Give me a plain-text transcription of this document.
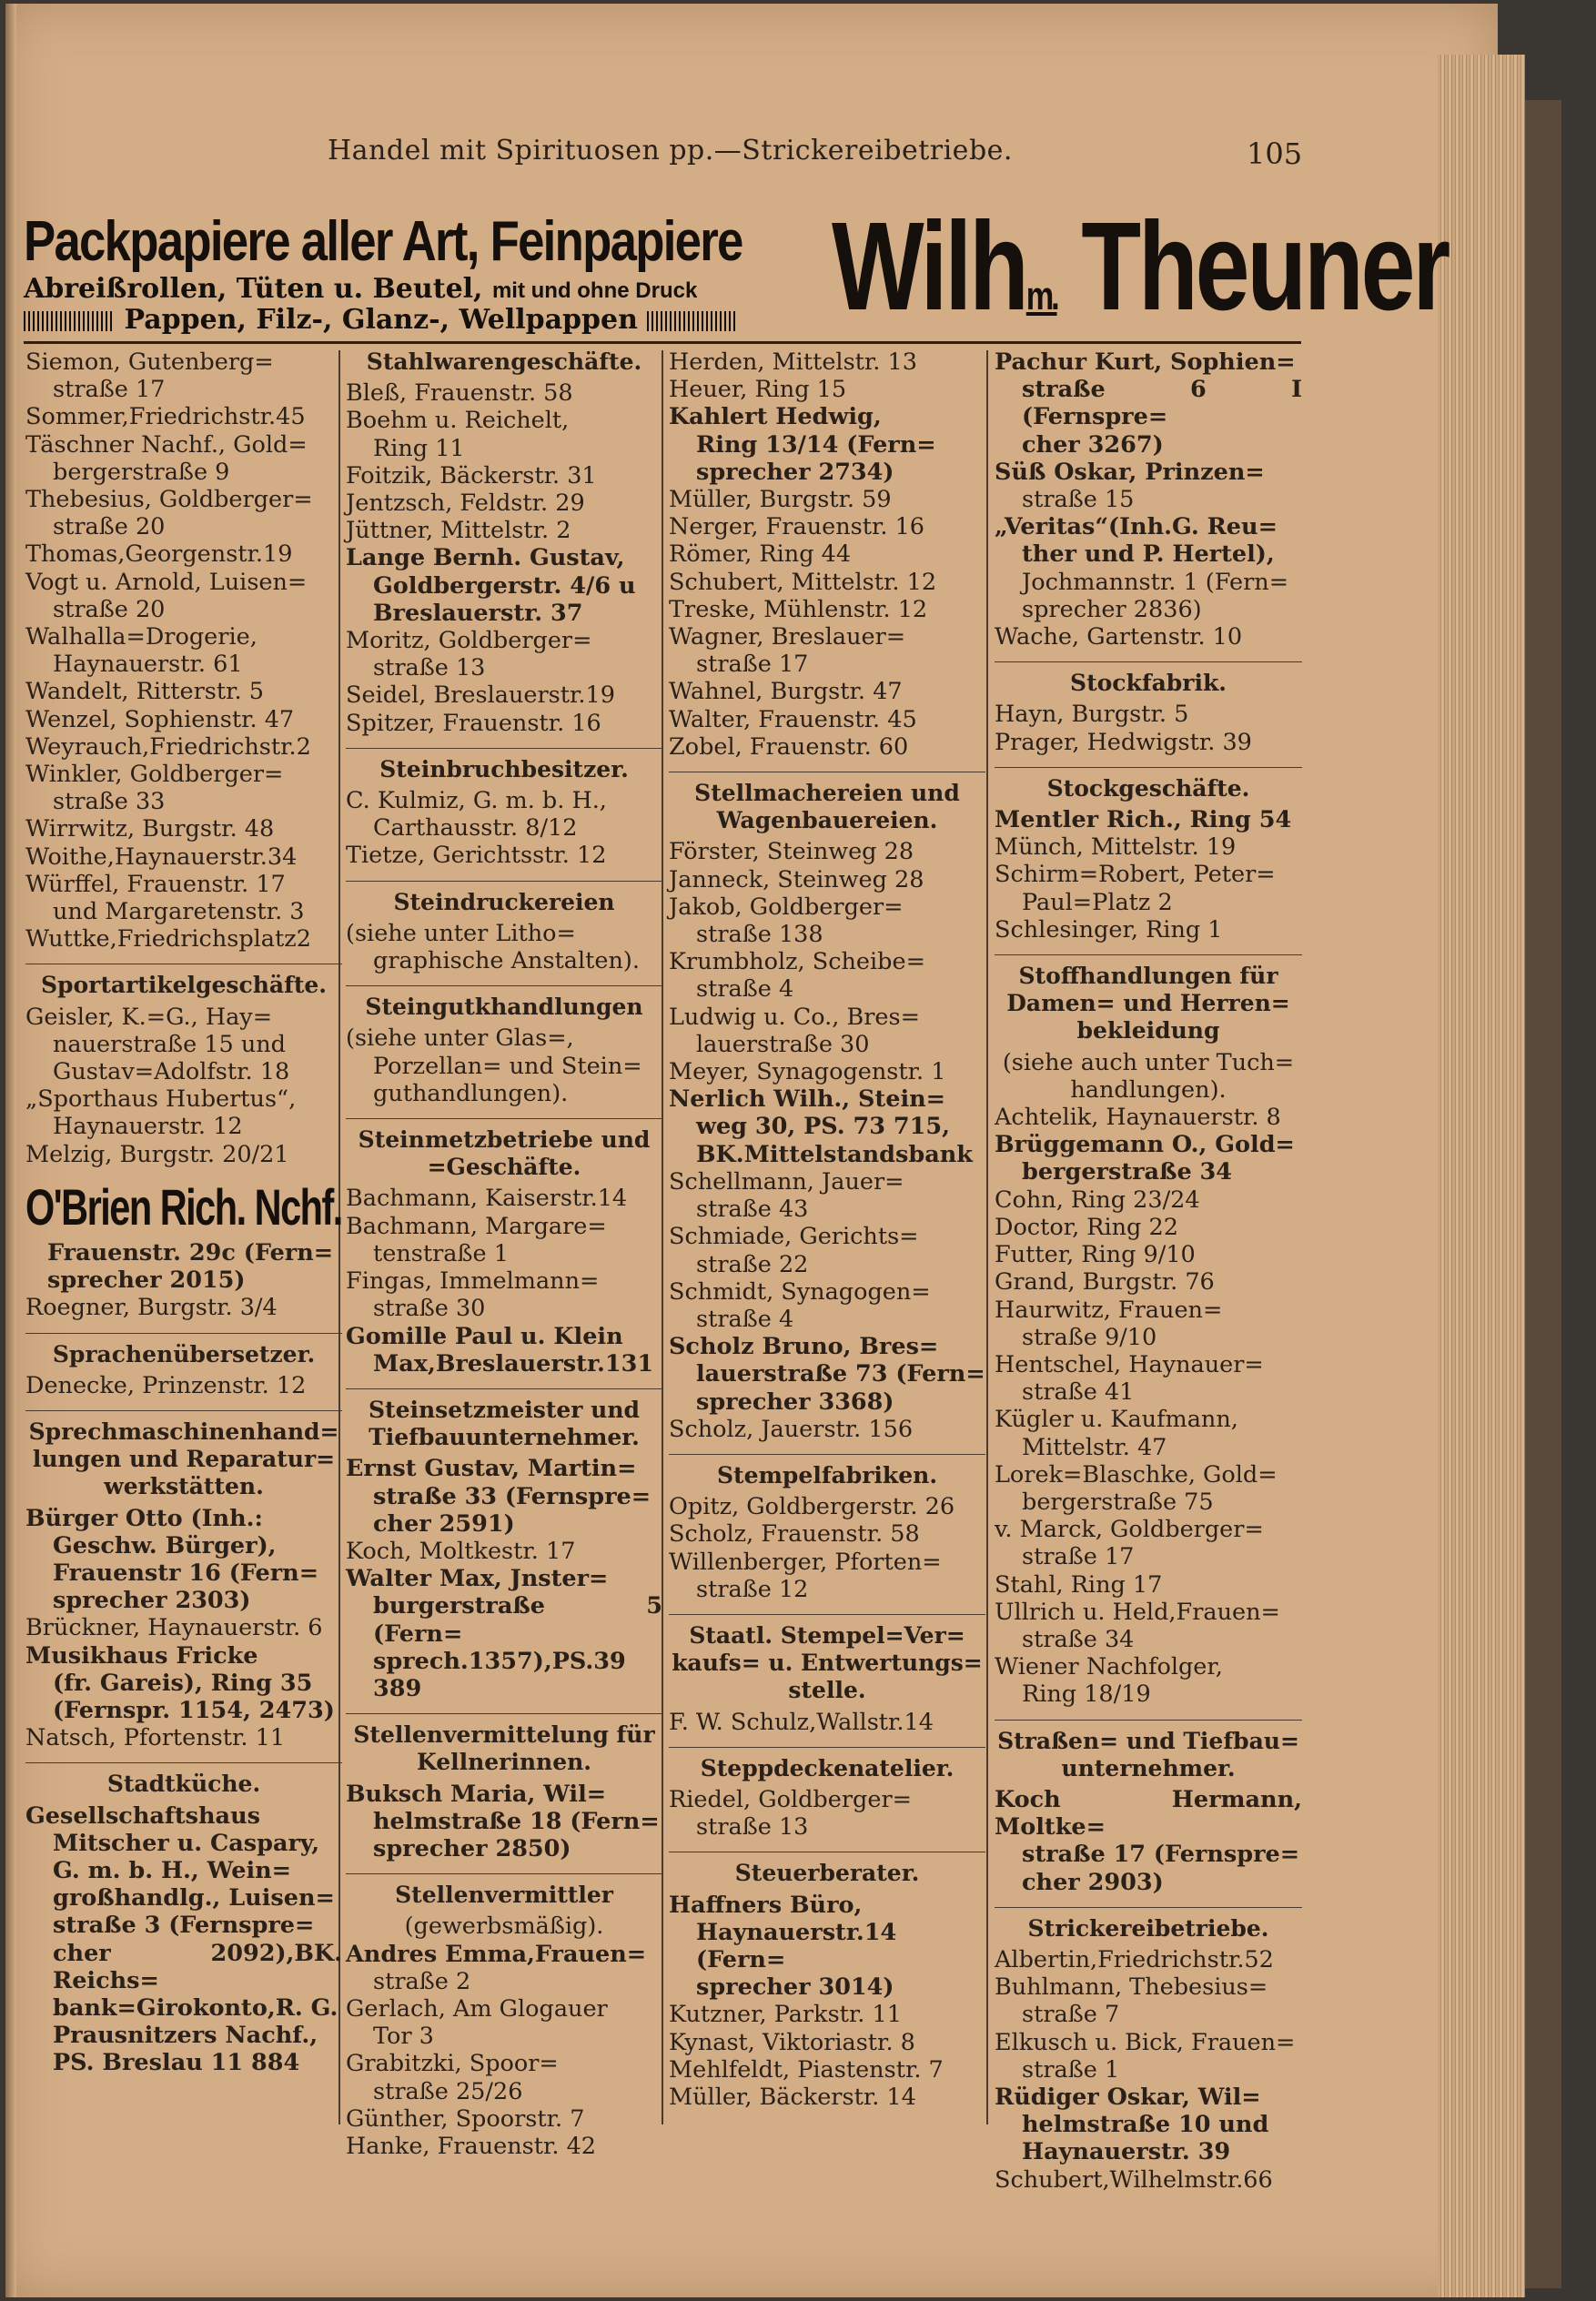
Handel mit Spirituosen pp.—Strickereibetriebe.	105
Packpapiere aller Art, Feinpapiere
Abreißrollen, Tüten u. Beutel, mit und ohne Druck
Pappen, Filz-, Glanz-, Wellpappen	Wilhm. Theuner
Siemon, Gutenberg=
straße 17
Sommer,Friedrichstr.45
Täschner Nachf., Gold=
bergerstraße 9
Thebesius, Goldberger=
straße 20
Thomas,Georgenstr.19
Vogt u. Arnold, Luisen=
straße 20
Walhalla=Drogerie,
Haynauerstr. 61
Wandelt, Ritterstr. 5
Wenzel, Sophienstr. 47
Weyrauch,Friedrichstr.2
Winkler, Goldberger=
straße 33
Wirrwitz, Burgstr. 48
Woithe,Haynauerstr.34
Würffel, Frauenstr. 17
und Margaretenstr. 3
Wuttke,Friedrichsplatz2
Sportartikelgeschäfte.
Geisler, K.=G., Hay=
nauerstraße 15 und
Gustav=Adolfstr. 18
„Sporthaus Hubertus“,
Haynauerstr. 12
Melzig, Burgstr. 20/21
O'Brien Rich. Nchf.
Frauenstr. 29c (Fern=
sprecher 2015)
Roegner, Burgstr. 3/4
Sprachenübersetzer.
Denecke, Prinzenstr. 12
Sprechmaschinenhand= lungen und Reparatur= werkstätten.
Bürger Otto (Inh.:
Geschw. Bürger),
Frauenstr 16 (Fern=
sprecher 2303)
Brückner, Haynauerstr. 6
Musikhaus Fricke
(fr. Gareis), Ring 35
(Fernspr. 1154, 2473)
Natsch, Pfortenstr. 11
Stadtküche.
Gesellschaftshaus
Mitscher u. Caspary,
G. m. b. H., Wein=
großhandlg., Luisen=
straße 3 (Fernspre=
cher 2092),BK. Reichs=
bank=Girokonto,R. G.
Prausnitzers Nachf.,
PS. Breslau 11 884
Stahlwarengeschäfte.
Bleß, Frauenstr. 58
Boehm u. Reichelt,
Ring 11
Foitzik, Bäckerstr. 31
Jentzsch, Feldstr. 29
Jüttner, Mittelstr. 2
Lange Bernh. Gustav,
Goldbergerstr. 4/6 u
Breslauerstr. 37
Moritz, Goldberger=
straße 13
Seidel, Breslauerstr.19
Spitzer, Frauenstr. 16
Steinbruchbesitzer.
C. Kulmiz, G. m. b. H.,
Carthausstr. 8/12
Tietze, Gerichtsstr. 12
Steindruckereien
(siehe unter Litho=
graphische Anstalten).
Steingutkhandlungen
(siehe unter Glas=,
Porzellan= und Stein=
guthandlungen).
Steinmetzbetriebe und =Geschäfte.
Bachmann, Kaiserstr.14
Bachmann, Margare=
tenstraße 1
Fingas, Immelmann=
straße 30
Gomille Paul u. Klein
Max,Breslauerstr.131
Steinsetzmeister und Tiefbauunternehmer.
Ernst Gustav, Martin=
straße 33 (Fernspre=
cher 2591)
Koch, Moltkestr. 17
Walter Max, Jnster=
burgerstraße 5 (Fern=
sprech.1357),PS.39 389
Stellenvermittelung für Kellnerinnen.
Buksch Maria, Wil=
helmstraße 18 (Fern=
sprecher 2850)
Stellenvermittler
(gewerbsmäßig).
Andres Emma,Frauen=
straße 2
Gerlach, Am Glogauer
Tor 3
Grabitzki, Spoor=
straße 25/26
Günther, Spoorstr. 7
Hanke, Frauenstr. 42
Herden, Mittelstr. 13
Heuer, Ring 15
Kahlert Hedwig,
Ring 13/14 (Fern=
sprecher 2734)
Müller, Burgstr. 59
Nerger, Frauenstr. 16
Römer, Ring 44
Schubert, Mittelstr. 12
Treske, Mühlenstr. 12
Wagner, Breslauer=
straße 17
Wahnel, Burgstr. 47
Walter, Frauenstr. 45
Zobel, Frauenstr. 60
Stellmachereien und Wagenbauereien.
Förster, Steinweg 28
Janneck, Steinweg 28
Jakob, Goldberger=
straße 138
Krumbholz, Scheibe=
straße 4
Ludwig u. Co., Bres=
lauerstraße 30
Meyer, Synagogenstr. 1
Nerlich Wilh., Stein=
weg 30, PS. 73 715,
BK.Mittelstandsbank
Schellmann, Jauer=
straße 43
Schmiade, Gerichts=
straße 22
Schmidt, Synagogen=
straße 4
Scholz Bruno, Bres=
lauerstraße 73 (Fern=
sprecher 3368)
Scholz, Jauerstr. 156
Stempelfabriken.
Opitz, Goldbergerstr. 26
Scholz, Frauenstr. 58
Willenberger, Pforten=
straße 12
Staatl. Stempel=Ver= kaufs= u. Entwertungs= stelle.
F. W. Schulz,Wallstr.14
Steppdeckenatelier.
Riedel, Goldberger=
straße 13
Steuerberater.
Haffners Büro,
Haynauerstr.14 (Fern=
sprecher 3014)
Kutzner, Parkstr. 11
Kynast, Viktoriastr. 8
Mehlfeldt, Piastenstr. 7
Müller, Bäckerstr. 14
Pachur Kurt, Sophien=
straße 6 I (Fernspre=
cher 3267)
Süß Oskar, Prinzen=
straße 15
„Veritas“(Inh.G. Reu=
ther und P. Hertel),
Jochmannstr. 1 (Fern=
sprecher 2836)
Wache, Gartenstr. 10
Stockfabrik.
Hayn, Burgstr. 5
Prager, Hedwigstr. 39
Stockgeschäfte.
Mentler Rich., Ring 54
Münch, Mittelstr. 19
Schirm=Robert, Peter=
Paul=Platz 2
Schlesinger, Ring 1
Stoffhandlungen für Damen= und Herren= bekleidung
(siehe auch unter Tuch= handlungen).
Achtelik, Haynauerstr. 8
Brüggemann O., Gold=
bergerstraße 34
Cohn, Ring 23/24
Doctor, Ring 22
Futter, Ring 9/10
Grand, Burgstr. 76
Haurwitz, Frauen=
straße 9/10
Hentschel, Haynauer=
straße 41
Kügler u. Kaufmann,
Mittelstr. 47
Lorek=Blaschke, Gold=
bergerstraße 75
v. Marck, Goldberger=
straße 17
Stahl, Ring 17
Ullrich u. Held,Frauen=
straße 34
Wiener Nachfolger,
Ring 18/19
Straßen= und Tiefbau= unternehmer.
Koch Hermann, Moltke=
straße 17 (Fernspre=
cher 2903)
Strickereibetriebe.
Albertin,Friedrichstr.52
Buhlmann, Thebesius=
straße 7
Elkusch u. Bick, Frauen=
straße 1
Rüdiger Oskar, Wil=
helmstraße 10 und
Haynauerstr. 39
Schubert,Wilhelmstr.66
